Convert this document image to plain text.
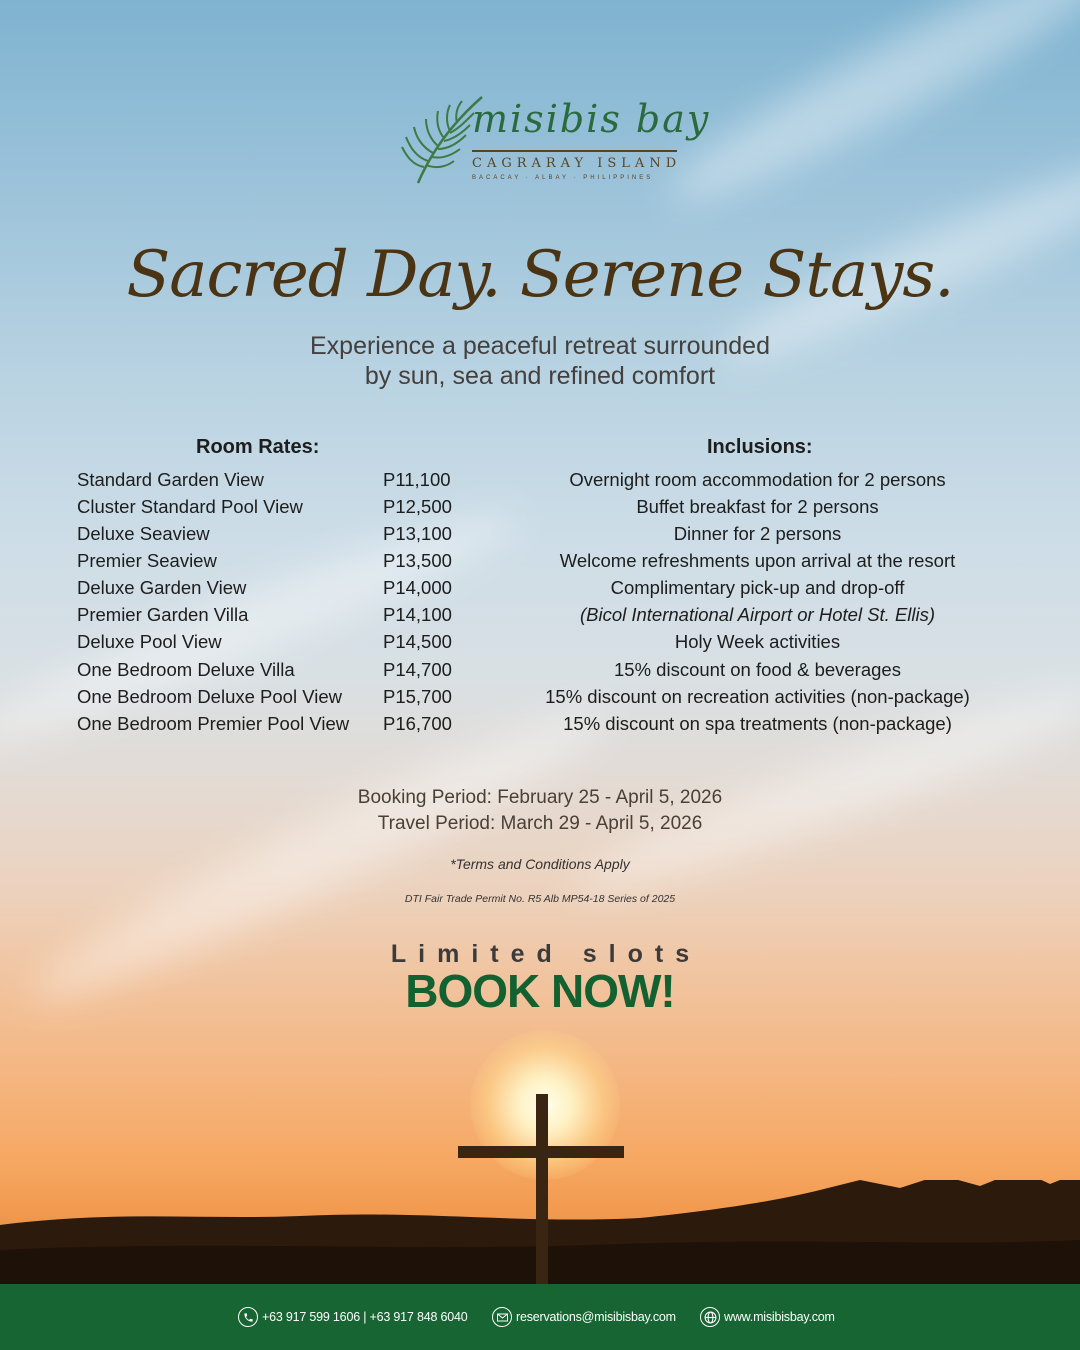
misibis bay
CAGRARAY ISLAND
BACACAY · ALBAY · PHILIPPINES
Sacred Day. Serene Stays.
Experience a peaceful retreat surrounded
by sun, sea and refined comfort
Room Rates:
Standard Garden View	P11,100
Cluster Standard Pool View	P12,500
Deluxe Seaview	P13,100
Premier Seaview	P13,500
Deluxe Garden View	P14,000
Premier Garden Villa	P14,100
Deluxe Pool View	P14,500
One Bedroom Deluxe Villa	P14,700
One Bedroom Deluxe Pool View P15,700
One Bedroom Premier Pool View P16,700
Inclusions:
Overnight room accommodation for 2 persons
Buffet breakfast for 2 persons
Dinner for 2 persons
Welcome refreshments upon arrival at the resort
Complimentary pick-up and drop-off
(Bicol International Airport or Hotel St. Ellis)
Holy Week activities
15% discount on food & beverages
15% discount on recreation activities (non-package)
15% discount on spa treatments (non-package)
Booking Period: February 25 - April 5, 2026
Travel Period: March 29 - April 5, 2026
*Terms and Conditions Apply
DTI Fair Trade Permit No. R5 Alb MP54-18 Series of 2025
Limited slots
BOOK NOW!
+63 917 599 1606 | +63 917 848 6040	reservations@misibisbay.com	www.misibisbay.com
